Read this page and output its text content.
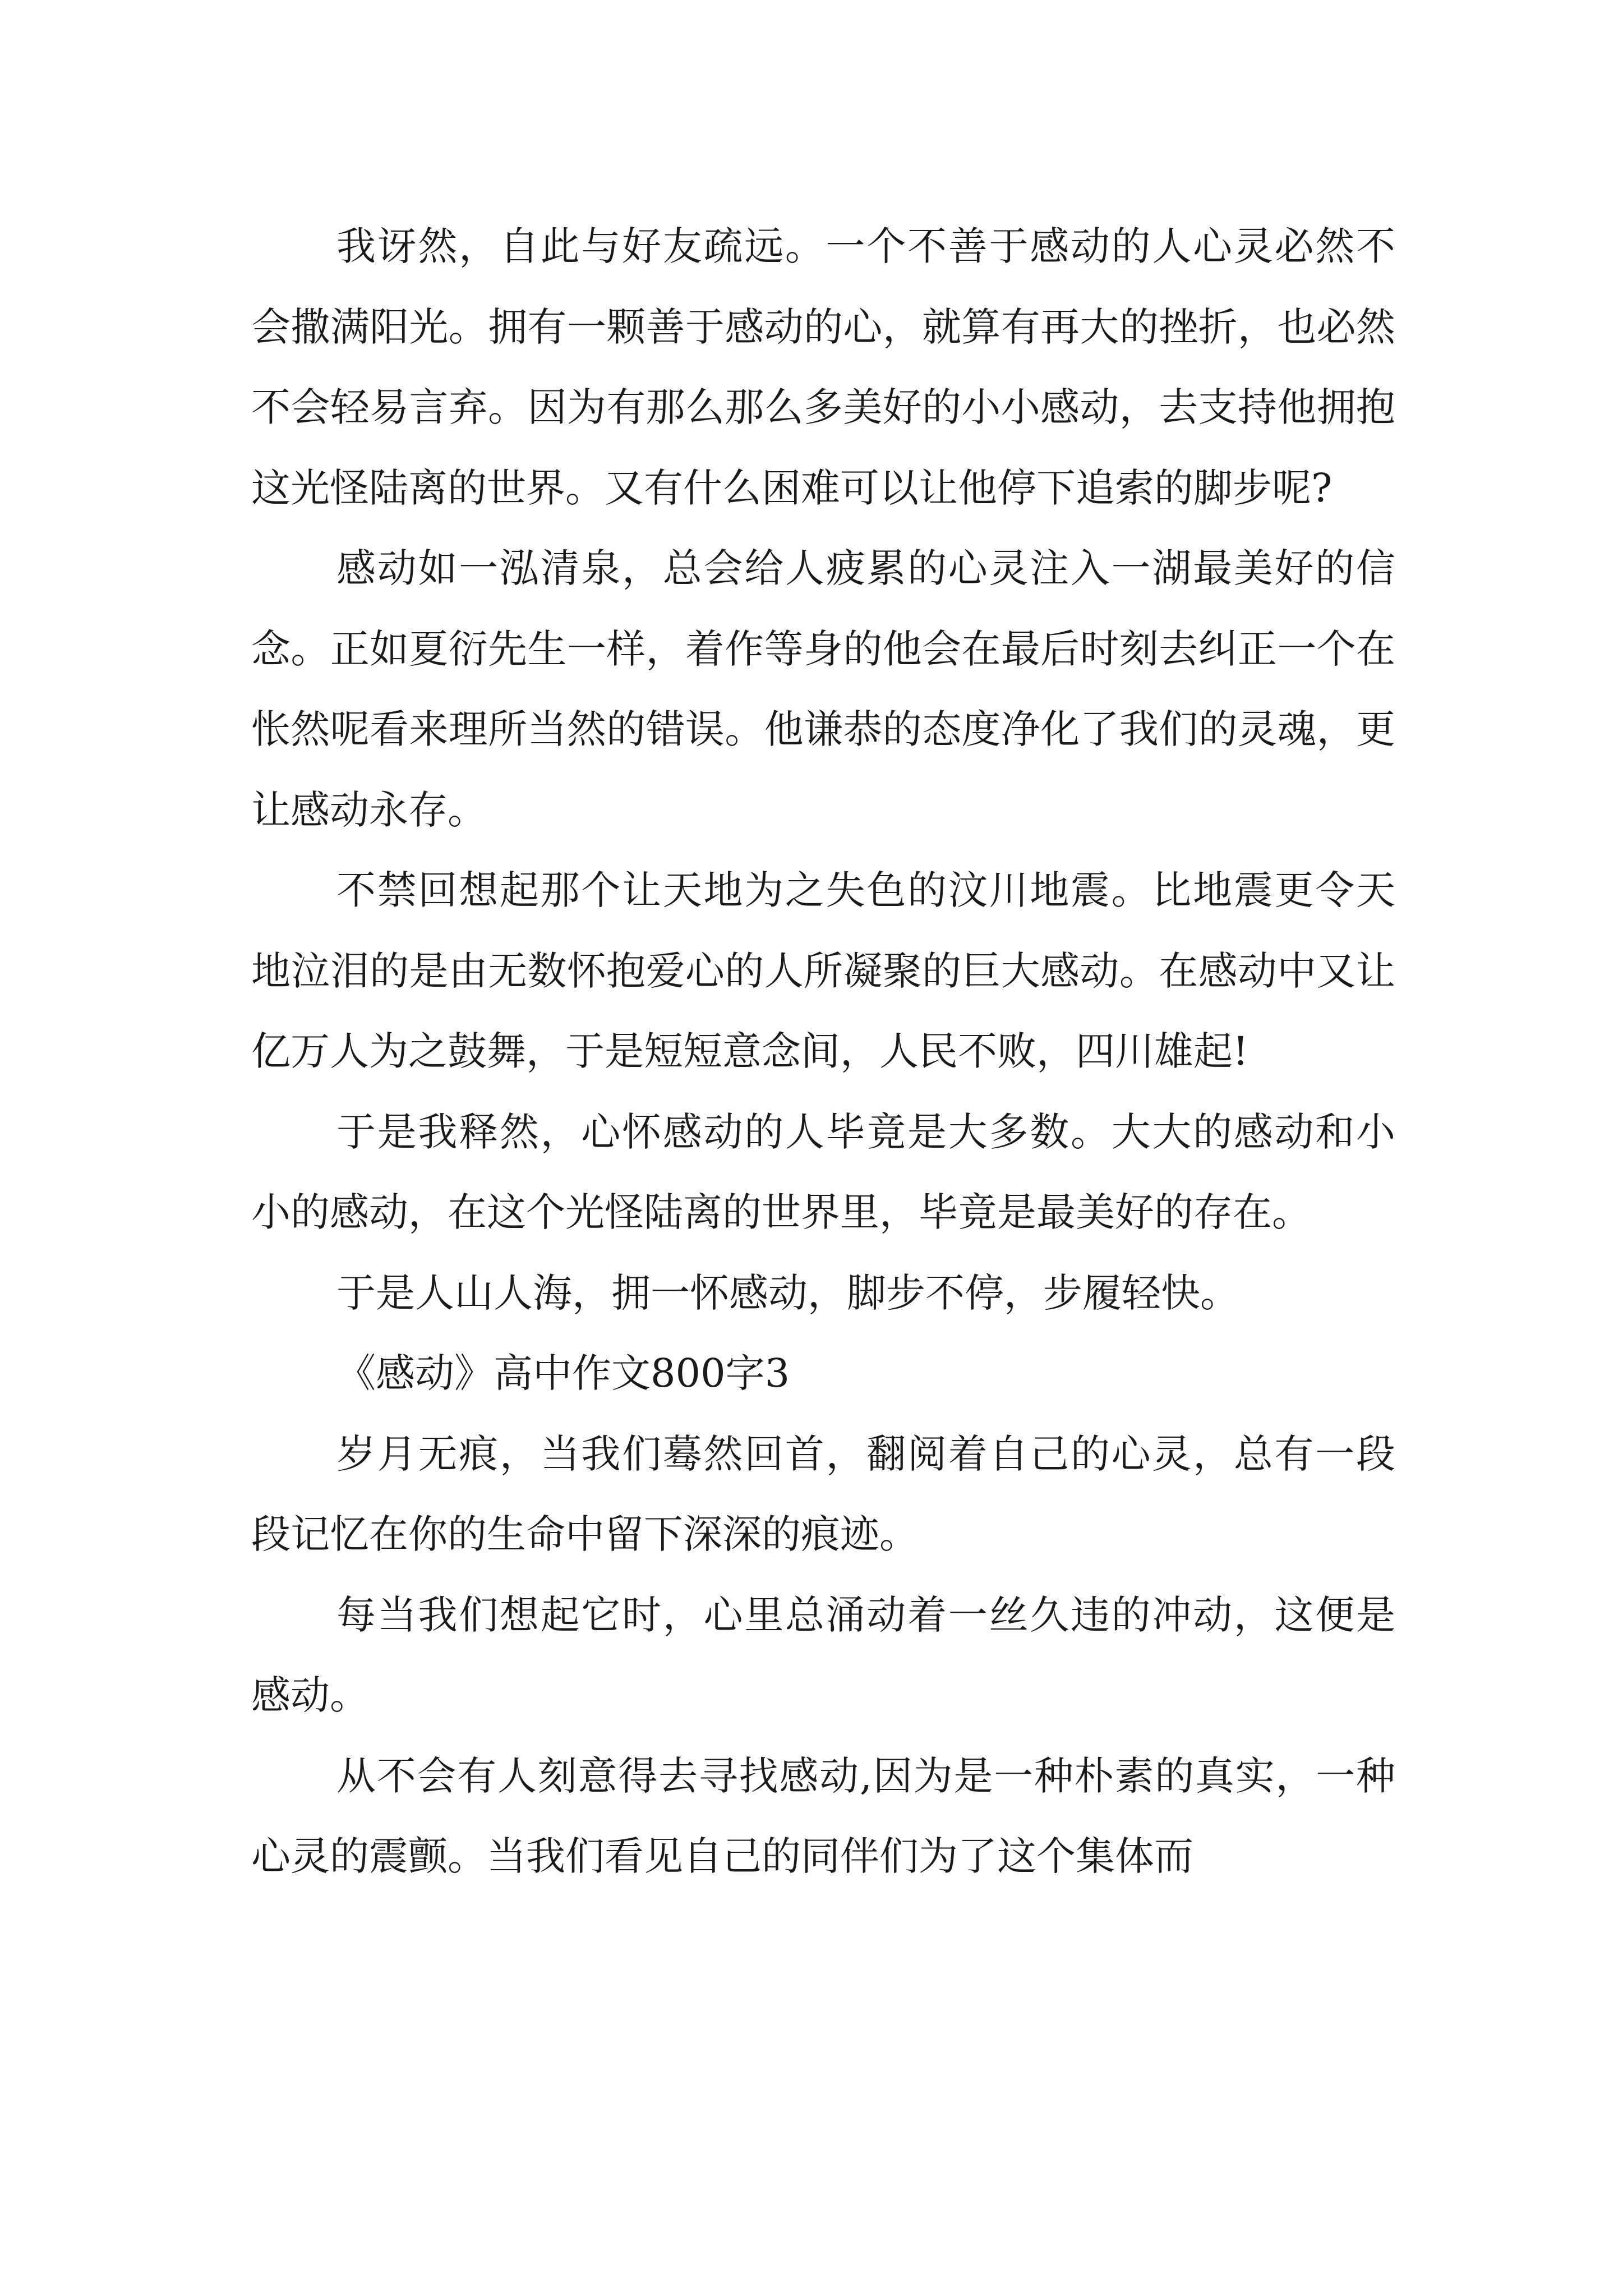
我讶然，自此与好友疏远。一个不善于感动的人心灵必然不会撒满阳光。拥有一颗善于感动的心，就算有再大的挫折，也必然不会轻易言弃。因为有那么那么多美好的小小感动，去支持他拥抱这光怪陆离的世界。又有什么困难可以让他停下追索的脚步呢?

感动如一泓清泉，总会给人疲累的心灵注入一湖最美好的信念。正如夏衍先生一样，着作等身的他会在最后时刻去纠正一个在怅然呢看来理所当然的错误。他谦恭的态度净化了我们的灵魂，更让感动永存。

不禁回想起那个让天地为之失色的汶川地震。比地震更令天地泣泪的是由无数怀抱爱心的人所凝聚的巨大感动。在感动中又让亿万人为之鼓舞，于是短短意念间，人民不败，四川雄起!

于是我释然，心怀感动的人毕竟是大多数。大大的感动和小小的感动，在这个光怪陆离的世界里，毕竟是最美好的存在。

于是人山人海，拥一怀感动，脚步不停，步履轻快。

《感动》高中作文800字3

岁月无痕，当我们蓦然回首，翻阅着自己的心灵，总有一段段记忆在你的生命中留下深深的痕迹。

每当我们想起它时，心里总涌动着一丝久违的冲动，这便是感动。

从不会有人刻意得去寻找感动,因为是一种朴素的真实，一种心灵的震颤。当我们看见自己的同伴们为了这个集体而
